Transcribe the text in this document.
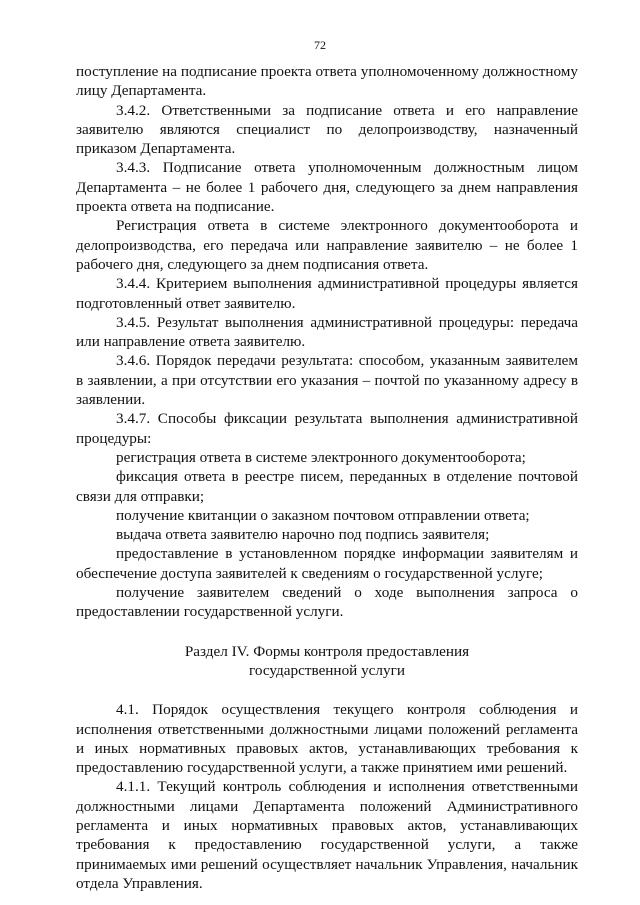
72

поступление на подписание проекта ответа уполномоченному должностному лицу Департамента.

3.4.2. Ответственными за подписание ответа и его направление заявителю являются специалист по делопроизводству, назначенный приказом Департамента.

3.4.3. Подписание ответа уполномоченным должностным лицом Департамента – не более 1 рабочего дня, следующего за днем направления проекта ответа на подписание.

Регистрация ответа в системе электронного документооборота и делопроизводства, его передача или направление заявителю – не более 1 рабочего дня, следующего за днем подписания ответа.

3.4.4. Критерием выполнения административной процедуры является подготовленный ответ заявителю.

3.4.5. Результат выполнения административной процедуры: передача или направление ответа заявителю.

3.4.6. Порядок передачи результата: способом, указанным заявителем в заявлении, а при отсутствии его указания – почтой по указанному адресу в заявлении.

3.4.7. Способы фиксации результата выполнения административной процедуры:

регистрация ответа в системе электронного документооборота;

фиксация ответа в реестре писем, переданных в отделение почтовой связи для отправки;

получение квитанции о заказном почтовом отправлении ответа;

выдача ответа заявителю нарочно под подпись заявителя;

предоставление в установленном порядке информации заявителям и обеспечение доступа заявителей к сведениям о государственной услуге;

получение заявителем сведений о ходе выполнения запроса о предоставлении государственной услуги.

Раздел IV. Формы контроля предоставления
государственной услуги

4.1. Порядок осуществления текущего контроля соблюдения и исполнения ответственными должностными лицами положений регламента и иных нормативных правовых актов, устанавливающих требования к предоставлению государственной услуги, а также принятием ими решений.

4.1.1. Текущий контроль соблюдения и исполнения ответственными должностными лицами Департамента положений Административного регламента и иных нормативных правовых актов, устанавливающих требования к предоставлению государственной услуги, а также принимаемых ими решений осуществляет начальник Управления, начальник отдела Управления.
